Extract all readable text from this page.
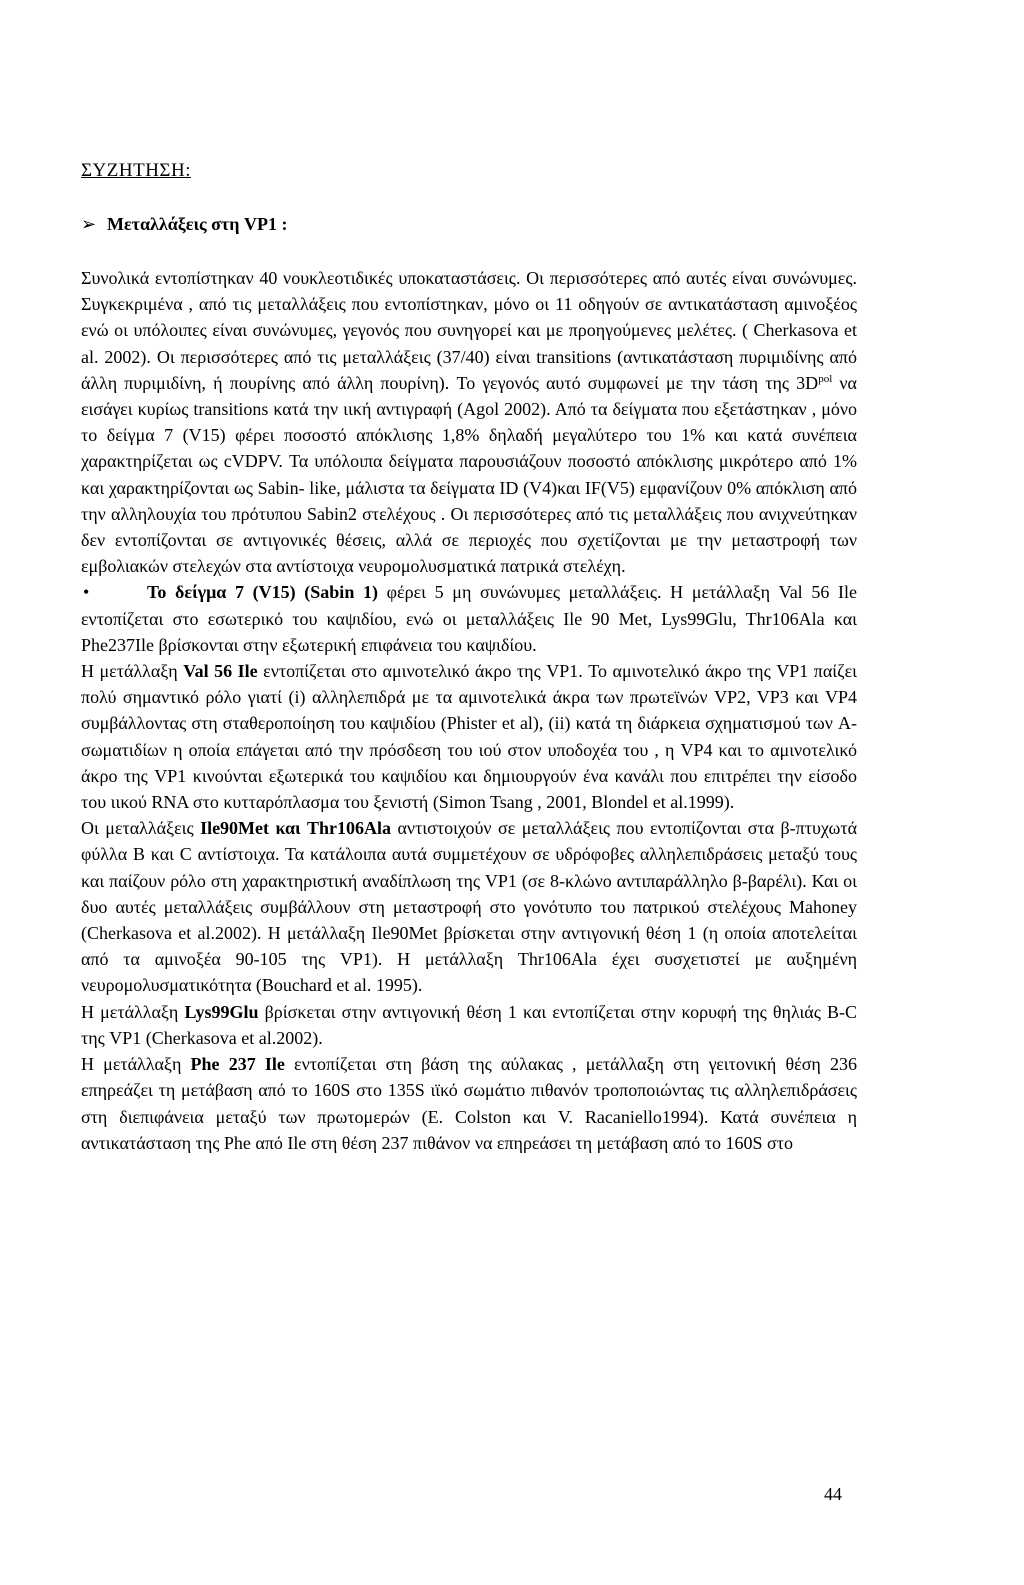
ΣΥΖΗΤΗΣΗ:
➢ Μεταλλάξεις στη VP1 :

Συνολικά εντοπίστηκαν 40 νουκλεοτιδικές υποκαταστάσεις. Οι περισσότερες από αυτές είναι συνώνυμες. Συγκεκριμένα , από τις μεταλλάξεις που εντοπίστηκαν, μόνο οι 11 οδηγούν σε αντικατάσταση αμινοξέος ενώ οι υπόλοιπες είναι συνώνυμες, γεγονός που συνηγορεί και με προηγούμενες μελέτες. ( Cherkasova et al. 2002). Οι περισσότερες από τις μεταλλάξεις (37/40) είναι transitions (αντικατάσταση πυριμιδίνης από άλλη πυριμιδίνη, ή πουρίνης από άλλη πουρίνη). Το γεγονός αυτό συμφωνεί με την τάση της $3D^{pol}$ να εισάγει κυρίως transitions κατά την ιική αντιγραφή (Agol 2002). Από τα δείγματα που εξετάστηκαν , μόνο το δείγμα 7 (V15) φέρει ποσοστό απόκλισης 1,8% δηλαδή μεγαλύτερο του 1% και κατά συνέπεια χαρακτηρίζεται ως cVDPV. Τα υπόλοιπα δείγματα παρουσιάζουν ποσοστό απόκλισης μικρότερο από 1% και χαρακτηρίζονται ως Sabin- like, μάλιστα τα δείγματα ID (V4)και IF(V5) εμφανίζουν 0% απόκλιση από την αλληλουχία του πρότυπου Sabin2 στελέχους . Οι περισσότερες από τις μεταλλάξεις που ανιχνεύτηκαν δεν εντοπίζονται σε αντιγονικές θέσεις, αλλά σε περιοχές που σχετίζονται με την μεταστροφή των εμβολιακών στελεχών στα αντίστοιχα νευρομολυσματικά πατρικά στελέχη.

•	Το δείγμα 7 (V15) (Sabin 1) φέρει 5 μη συνώνυμες μεταλλάξεις. Η μετάλλαξη Val 56 Ile εντοπίζεται στο εσωτερικό του καψιδίου, ενώ οι μεταλλάξεις Ile 90 Met, Lys99Glu, Thr106Ala και Phe237Ile βρίσκονται στην εξωτερική επιφάνεια του καψιδίου.

Η μετάλλαξη Val 56 Ile εντοπίζεται στο αμινοτελικό άκρο της VP1. Το αμινοτελικό άκρο της VP1 παίζει πολύ σημαντικό ρόλο γιατί (i) αλληλεπιδρά με τα αμινοτελικά άκρα των πρωτεϊνών VP2, VP3 και VP4 συμβάλλοντας στη σταθεροποίηση του καψιδίου (Phister et al), (ii) κατά τη διάρκεια σχηματισμού των A- σωματιδίων η οποία επάγεται από την πρόσδεση του ιού στον υποδοχέα του , η VP4 και το αμινοτελικό άκρο της VP1 κινούνται εξωτερικά του καψιδίου και δημιουργούν ένα κανάλι που επιτρέπει την είσοδο του ιικού RNA στο κυτταρόπλασμα του ξενιστή (Simon Tsang , 2001, Blondel et al.1999).

Οι μεταλλάξεις Ile90Met και Thr106Ala αντιστοιχούν σε μεταλλάξεις που εντοπίζονται στα β-πτυχωτά φύλλα B και C αντίστοιχα. Τα κατάλοιπα αυτά συμμετέχουν σε υδρόφοβες αλληλεπιδράσεις μεταξύ τους και παίζουν ρόλο στη χαρακτηριστική αναδίπλωση της VP1 (σε 8-κλώνο αντιπαράλληλο β-βαρέλι). Και οι δυο αυτές μεταλλάξεις συμβάλλουν στη μεταστροφή στο γονότυπο του πατρικού στελέχους Mahoney (Cherkasova et al.2002). Η μετάλλαξη Ile90Met βρίσκεται στην αντιγονική θέση 1 (η οποία αποτελείται από τα αμινοξέα 90-105 της VP1). Η μετάλλαξη Thr106Ala έχει συσχετιστεί με αυξημένη νευρομολυσματικότητα (Bouchard et al. 1995).

Η μετάλλαξη Lys99Glu βρίσκεται στην αντιγονική θέση 1 και εντοπίζεται στην κορυφή της θηλιάς B-C της VP1 (Cherkasova et al.2002).

Η μετάλλαξη Phe 237 Ile εντοπίζεται στη βάση της αύλακας , μετάλλαξη στη γειτονική θέση 236 επηρεάζει τη μετάβαση από το 160S στο 135S ιϊκό σωμάτιο πιθανόν τροποποιώντας τις αλληλεπιδράσεις στη διεπιφάνεια μεταξύ των πρωτομερών (E. Colston και V. Racaniello1994). Κατά συνέπεια η αντικατάσταση της Phe από Ile στη θέση 237 πιθάνον να επηρεάσει τη μετάβαση από το 160S στο

44
